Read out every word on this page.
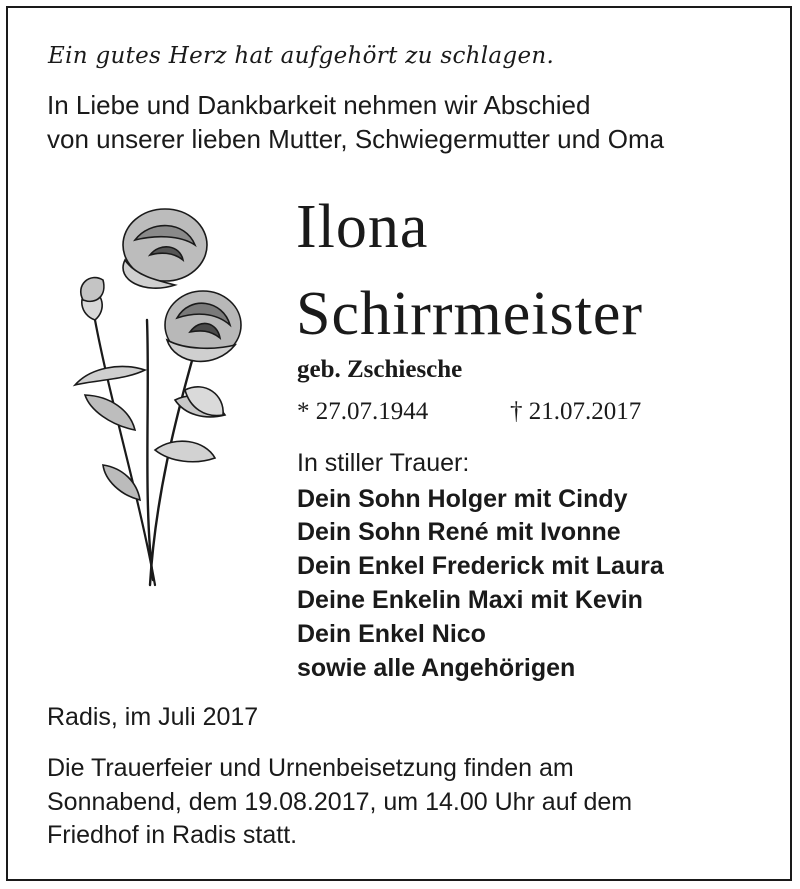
Ein gutes Herz hat aufgehört zu schlagen.

In Liebe und Dankbarkeit nehmen wir Abschied

von unserer lieben Mutter, Schwiegermutter und Oma

Ilona

Schirrmeister

geb. Zschiesche

* 27.07.1944	† 21.07.2017

In stiller Trauer:

Dein Sohn Holger mit Cindy

Dein Sohn René mit Ivonne

Dein Enkel Frederick mit Laura

Deine Enkelin Maxi mit Kevin

Dein Enkel Nico

sowie alle Angehörigen

Radis, im Juli 2017

Die Trauerfeier und Urnenbeisetzung finden am

Sonnabend, dem 19.08.2017, um 14.00 Uhr auf dem

Friedhof in Radis statt.
